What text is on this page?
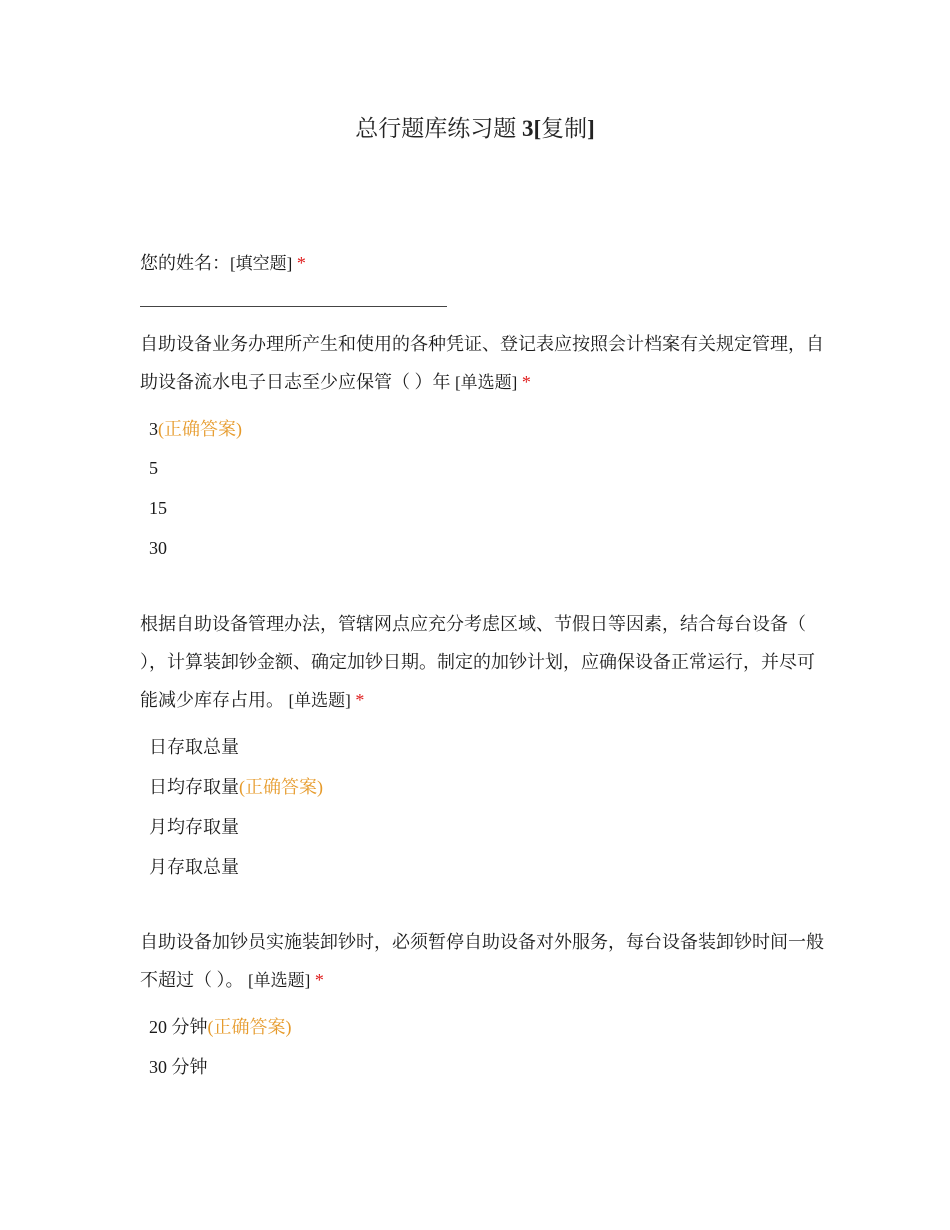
总行题库练习题 3[复制]
您的姓名：[填空题] *
自助设备业务办理所产生和使用的各种凭证、登记表应按照会计档案有关规定管理，自助设备流水电子日志至少应保管（ ）年 [单选题] *
3(正确答案)
5
15
30
根据自助设备管理办法，管辖网点应充分考虑区域、节假日等因素，结合每台设备（ ），计算装卸钞金额、确定加钞日期。制定的加钞计划，应确保设备正常运行，并尽可能减少库存占用。 [单选题] *
日存取总量
日均存取量(正确答案)
月均存取量
月存取总量
自助设备加钞员实施装卸钞时，必须暂停自助设备对外服务，每台设备装卸钞时间一般不超过（ ）。 [单选题] *
20 分钟(正确答案)
30 分钟
